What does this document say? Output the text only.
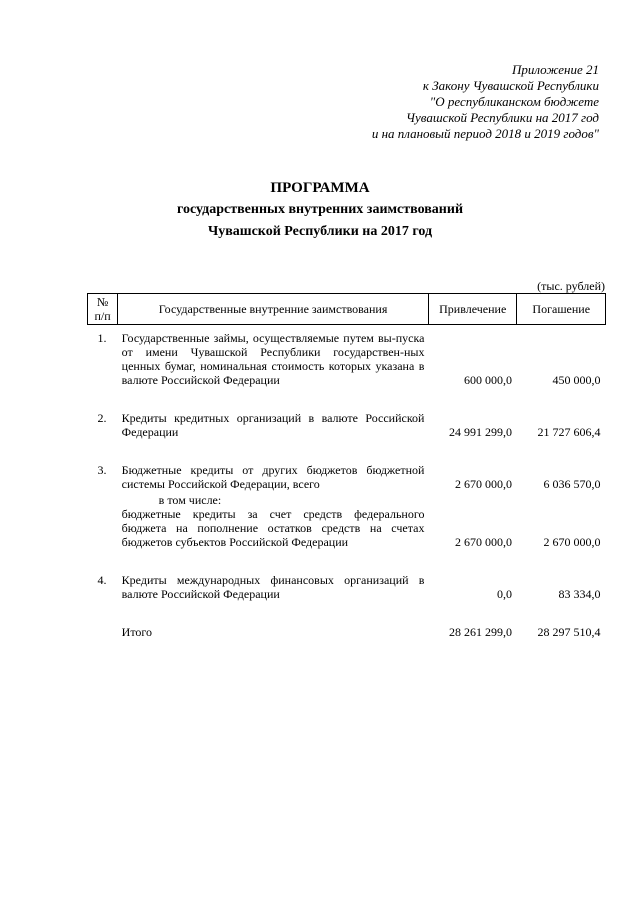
Приложение 21
к Закону Чувашской Республики
"О республиканском бюджете
Чувашской Республики на 2017 год
и на плановый период 2018 и 2019 годов"
ПРОГРАММА
государственных внутренних заимствований
Чувашской Республики на 2017 год
(тыс. рублей)
№
п/п	Государственные внутренние заимствования	Привлечение	Погашение

1.	Государственные займы, осуществляемые путем вы-пуска от имени Чувашской Республики государствен-ных ценных бумаг, номинальная стоимость которых указана в валюте Российской Федерации	600 000,0	450 000,0

2.	Кредиты кредитных организаций в валюте Российской Федерации	24 991 299,0	21 727 606,4

3.	Бюджетные кредиты от других бюджетов бюджетной системы Российской Федерации, всего	2 670 000,0	6 036 570,0

	в том числе:
бюджетные кредиты за счет средств федерального бюджета на пополнение остатков средств на счетах бюджетов субъектов Российской Федерации	2 670 000,0	2 670 000,0

4.	Кредиты международных финансовых организаций в валюте Российской Федерации	0,0	83 334,0

	Итого	28 261 299,0	28 297 510,4
